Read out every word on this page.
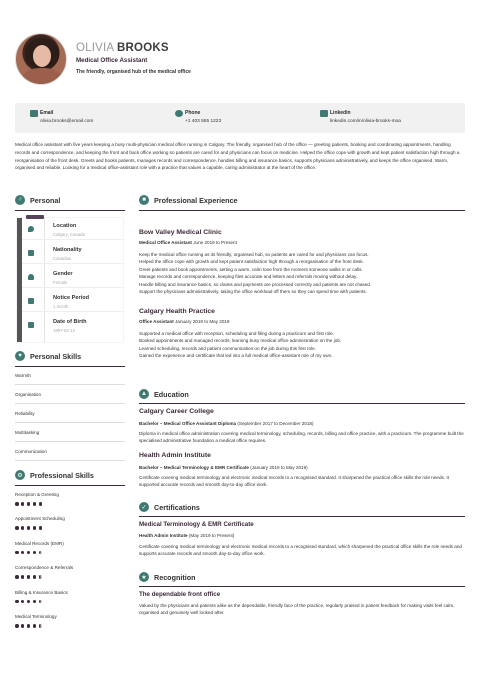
OLIVIA BROOKS
Medical Office Assistant
The friendly, organised hub of the medical office
Email
olivia.brooks@email.com
Phone
+1 403 555 1223
Linkedin
linkedin.com/in/olivia-brooks-moa
Medical office assistant with five years keeping a busy multi-physician medical office running in Calgary. The friendly, organised hub of the office — greeting patients, booking and coordinating appointments, handling records and correspondence, and keeping the front and back office working so patients are cared for and physicians can focus on medicine. Helped the office cope with growth and kept patient satisfaction high through a reorganisation of the front desk. Greets and books patients, manages records and correspondence, handles billing and insurance basics, supports physicians administratively, and keeps the office organised. Warm, organised and reliable. Looking for a medical office-assistant role with a practice that values a capable, caring administrator at the heart of the office.
♂	Personal
Location
Calgary, Canada
Nationality
Canadian
Gender
Female
Notice Period
1 month
Date of Birth
1997-03-12
♥	Personal Skills
Warmth
Organisation
Reliability
Multitasking
Communication
⚙	Professional Skills
Reception & Greeting
Appointment Scheduling
Medical Records (EMR)
Correspondence & Referrals
Billing & Insurance Basics
Medical Terminology
■	Professional Experience
Bow Valley Medical Clinic
Medical Office Assistant June 2019 to Present
Keep the medical office running as its friendly, organised hub, so patients are cared for and physicians can focus.
Helped the office cope with growth and kept patient satisfaction high through a reorganisation of the front desk.
Greet patients and book appointments, setting a warm, calm tone from the moment someone walks in or calls.
Manage records and correspondence, keeping files accurate and letters and referrals moving without delay.
Handle billing and insurance basics, so claims and payments are processed correctly and patients are not chased.
Support the physicians administratively, taking the office workload off them so they can spend time with patients.
Calgary Health Practice
Office Assistant January 2019 to May 2019
Supported a medical office with reception, scheduling and filing during a practicum and first role.
Booked appointments and managed records, learning busy medical office administration on the job.
Learned scheduling, records and patient communication on the job during this first role.
Gained the experience and certificate that led into a full medical office-assistant role of my own.
▲ Education
Calgary Career College
Bachelor – Medical Office Assistant Diploma (September 2017 to December 2018)
Diploma in medical office administration covering medical terminology, scheduling, records, billing and office practice, with a practicum. The programme built the specialised administrative foundation a medical office requires.
Health Admin Institute
Bachelor – Medical Terminology & EMR Certificate (January 2019 to May 2019)
Certificate covering medical terminology and electronic medical records to a recognised standard. It sharpened the practical office skills the role needs. It supported accurate records and smooth day-to-day office work.
✓	Certifications
Medical Terminology & EMR Certificate
Health Admin Institute (May 2019 to Present)
Certificate covering medical terminology and electronic medical records to a recognised standard, which sharpened the practical office skills the role needs and supports accurate records and smooth day-to-day office work.
★	Recognition
The dependable front office
Valued by the physicians and patients alike as the dependable, friendly face of the practice, regularly praised in patient feedback for making visits feel calm, organised and genuinely well looked after.
